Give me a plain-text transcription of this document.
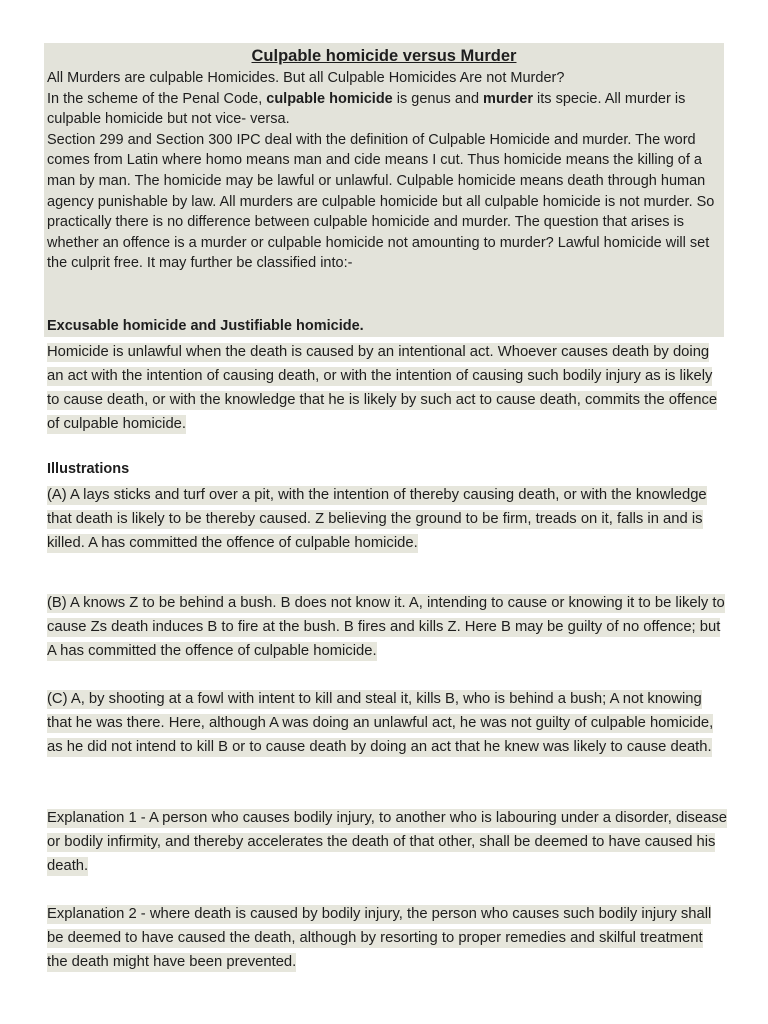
Culpable homicide versus Murder

All Murders are culpable Homicides. But all Culpable Homicides Are not Murder?

In the scheme of the Penal Code, culpable homicide is genus and murder its specie. All murder is culpable homicide but not vice- versa.

Section 299 and Section 300 IPC deal with the definition of Culpable Homicide and murder. The word comes from Latin where homo means man and cide means I cut. Thus homicide means the killing of a man by man. The homicide may be lawful or unlawful. Culpable homicide means death through human agency punishable by law. All murders are culpable homicide but all culpable homicide is not murder. So practically there is no difference between culpable homicide and murder. The question that arises is whether an offence is a murder or culpable homicide not amounting to murder? Lawful homicide will set the culprit free. It may further be classified into:-

Excusable homicide and Justifiable homicide.

Homicide is unlawful when the death is caused by an intentional act. Whoever causes death by doing an act with the intention of causing death, or with the intention of causing such bodily injury as is likely to cause death, or with the knowledge that he is likely by such act to cause death, commits the offence of culpable homicide.

Illustrations

(A) A lays sticks and turf over a pit, with the intention of thereby causing death, or with the knowledge that death is likely to be thereby caused. Z believing the ground to be firm, treads on it, falls in and is killed. A has committed the offence of culpable homicide.

(B) A knows Z to be behind a bush. B does not know it. A, intending to cause or knowing it to be likely to cause Zs death induces B to fire at the bush. B fires and kills Z. Here B may be guilty of no offence; but A has committed the offence of culpable homicide.

(C) A, by shooting at a fowl with intent to kill and steal it, kills B, who is behind a bush; A not knowing that he was there. Here, although A was doing an unlawful act, he was not guilty of culpable homicide, as he did not intend to kill B or to cause death by doing an act that he knew was likely to cause death.

Explanation 1 - A person who causes bodily injury, to another who is labouring under a disorder, disease or bodily infirmity, and thereby accelerates the death of that other, shall be deemed to have caused his death.

Explanation 2 - where death is caused by bodily injury, the person who causes such bodily injury shall be deemed to have caused the death, although by resorting to proper remedies and skilful treatment the death might have been prevented.
